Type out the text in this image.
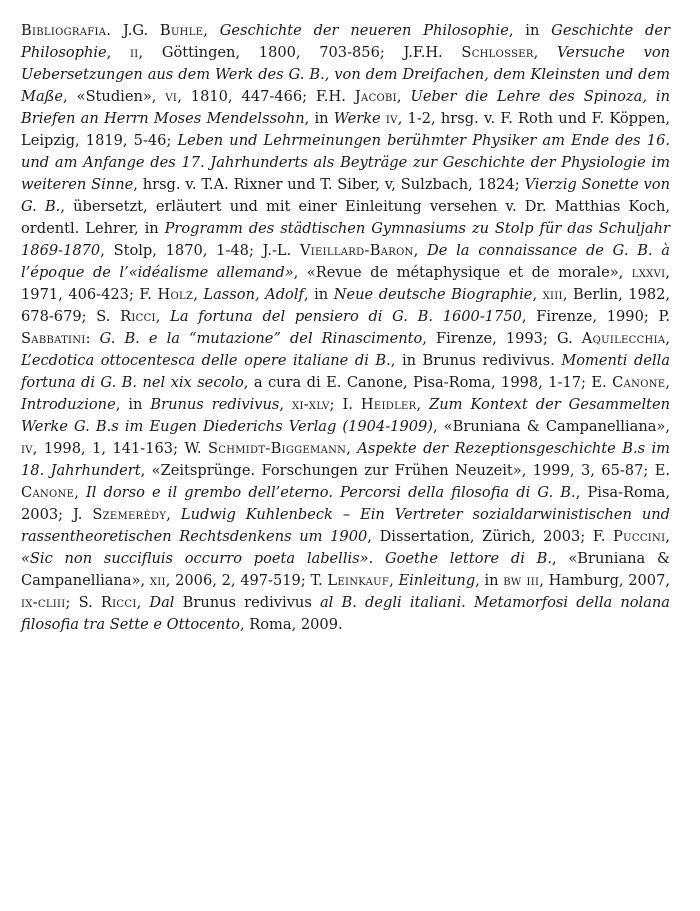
Bibliografia. J.G. Buhle, Geschichte der neueren Philosophie, in Geschichte der Philosophie, ii, Göttingen, 1800, 703-856; J.F.H. Schlosser, Versuche von Uebersetzungen aus dem Werk des G. B., von dem Dreifachen, dem Kleinsten und dem Maße, «Studien», vi, 1810, 447-466; F.H. Jacobi, Ueber die Lehre des Spinoza, in Briefen an Herrn Moses Mendelssohn, in Werke iv, 1-2, hrsg. v. F. Roth und F. Köppen, Leipzig, 1819, 5-46; Leben und Lehrmeinungen berühmter Physiker am Ende des 16. und am Anfange des 17. Jahrhunderts als Beyträge zur Geschichte der Physiologie im weiteren Sinne, hrsg. v. T.A. Rixner und T. Siber, v, Sulzbach, 1824; Vierzig Sonette von G. B., übersetzt, erläutert und mit einer Einleitung versehen v. Dr. Matthias Koch, ordentl. Lehrer, in Programm des städtischen Gymnasiums zu Stolp für das Schuljahr 1869-1870, Stolp, 1870, 1-48; J.-L. Vieillard-Baron, De la connaissance de G. B. à l’époque de l’«idéalisme allemand», «Revue de métaphysique et de morale», lxxvi, 1971, 406-423; F. Holz, Lasson, Adolf, in Neue deutsche Biographie, xiii, Berlin, 1982, 678-679; S. Ricci, La fortuna del pensiero di G. B. 1600-1750, Firenze, 1990; P. Sabbatini: G. B. e la “mutazione” del Rinascimento, Firenze, 1993; G. Aquilecchia, L’ecdotica ottocentesca delle opere italiane di B., in Brunus redivivus. Momenti della fortuna di G. B. nel xix secolo, a cura di E. Canone, Pisa-Roma, 1998, 1-17; E. Canone, Introduzione, in Brunus redivivus, xi-xlv; I. Heidler, Zum Kontext der Gesammelten Werke G. B.s im Eugen Diederichs Verlag (1904-1909), «Bruniana & Campanelliana», iv, 1998, 1, 141-163; W. Schmidt-Biggemann, Aspekte der Rezeptionsgeschichte B.s im 18. Jahrhundert, «Zeitsprünge. Forschungen zur Frühen Neuzeit», 1999, 3, 65-87; E. Canone, Il dorso e il grembo dell’eterno. Percorsi della filosofia di G. B., Pisa-Roma, 2003; J. Szemerédy, Ludwig Kuhlenbeck – Ein Vertreter sozialdarwinistischen und rassentheoretischen Rechtsdenkens um 1900, Dissertation, Zürich, 2003; F. Puccini, «Sic non succifluis occurro poeta labellis». Goethe lettore di B., «Bruniana & Campanelliana», xii, 2006, 2, 497-519; T. Leinkauf, Einleitung, in bw iii, Hamburg, 2007, ix-cliii; S. Ricci, Dal Brunus redivivus al B. degli italiani. Metamorfosi della nolana filosofia tra Sette e Ottocento, Roma, 2009.
